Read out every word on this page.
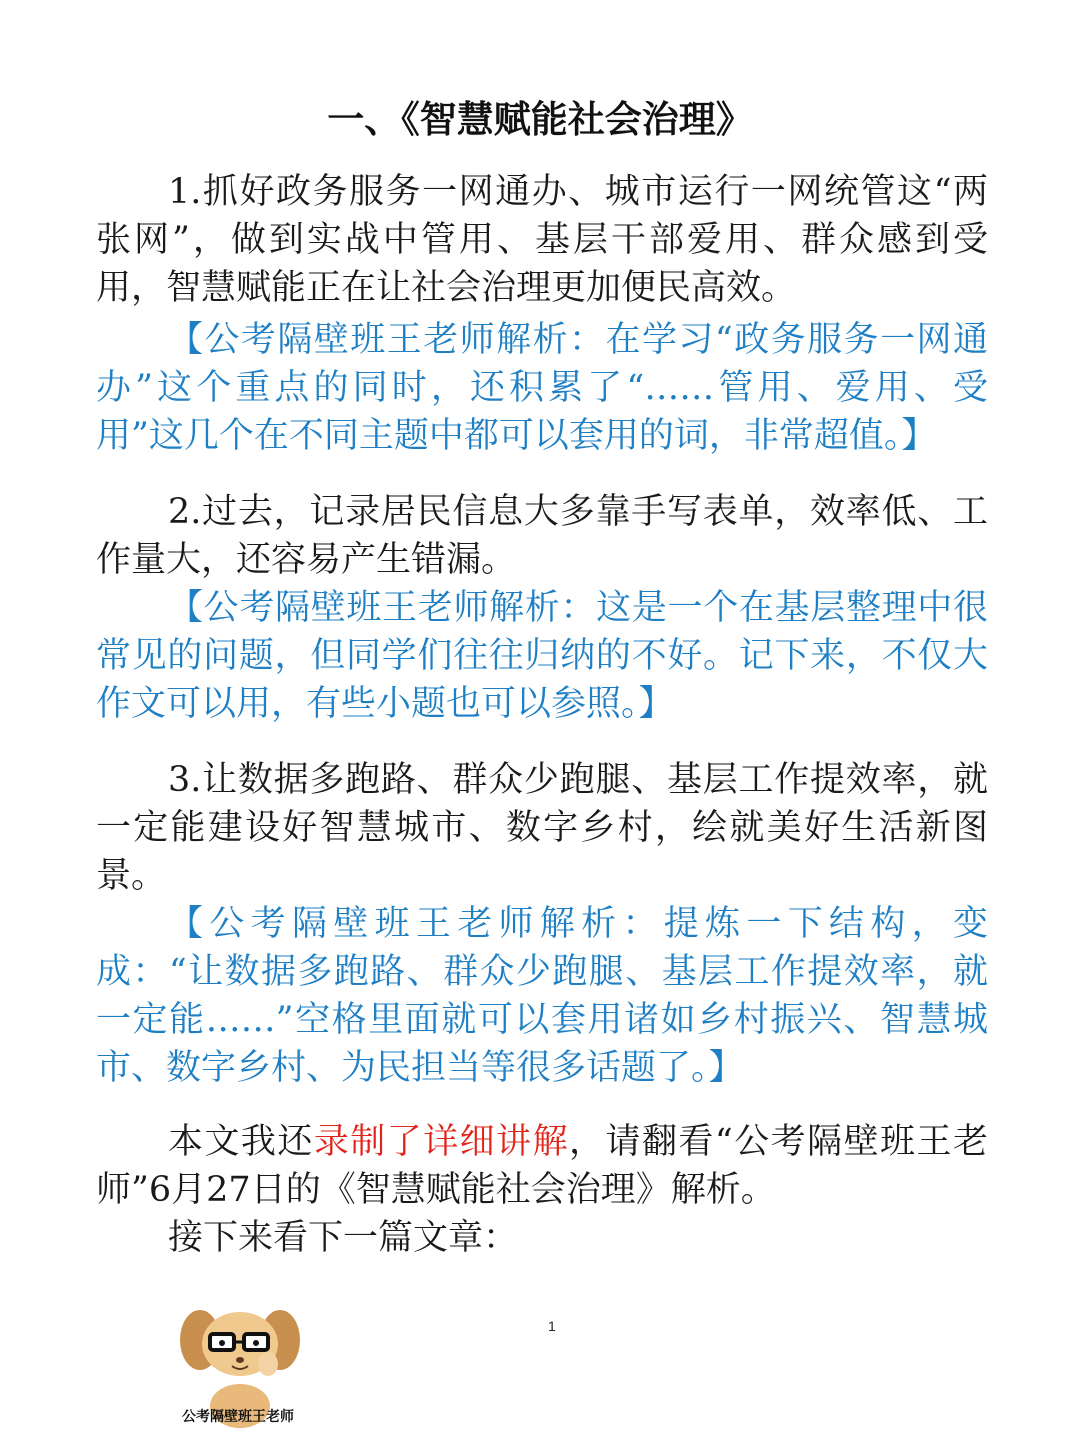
一、《智慧赋能社会治理》

1.抓好政务服务一网通办、城市运行一网统管这“两张网”，做到实战中管用、基层干部爱用、群众感到受用，智慧赋能正在让社会治理更加便民高效。

【公考隔壁班王老师解析：在学习“政务服务一网通办”这个重点的同时，还积累了“……管用、爱用、受用”这几个在不同主题中都可以套用的词，非常超值。】

2.过去，记录居民信息大多靠手写表单，效率低、工作量大，还容易产生错漏。

【公考隔壁班王老师解析：这是一个在基层整理中很常见的问题，但同学们往往归纳的不好。记下来，不仅大作文可以用，有些小题也可以参照。】

3.让数据多跑路、群众少跑腿、基层工作提效率，就一定能建设好智慧城市、数字乡村，绘就美好生活新图景。

【公考隔壁班王老师解析：提炼一下结构，变成：“让数据多跑路、群众少跑腿、基层工作提效率，就一定能……”空格里面就可以套用诸如乡村振兴、智慧城市、数字乡村、为民担当等很多话题了。】

本文我还录制了详细讲解，请翻看“公考隔壁班王老师”6月27日的《智慧赋能社会治理》解析。

接下来看下一篇文章：

1
公考隔壁班王老师
